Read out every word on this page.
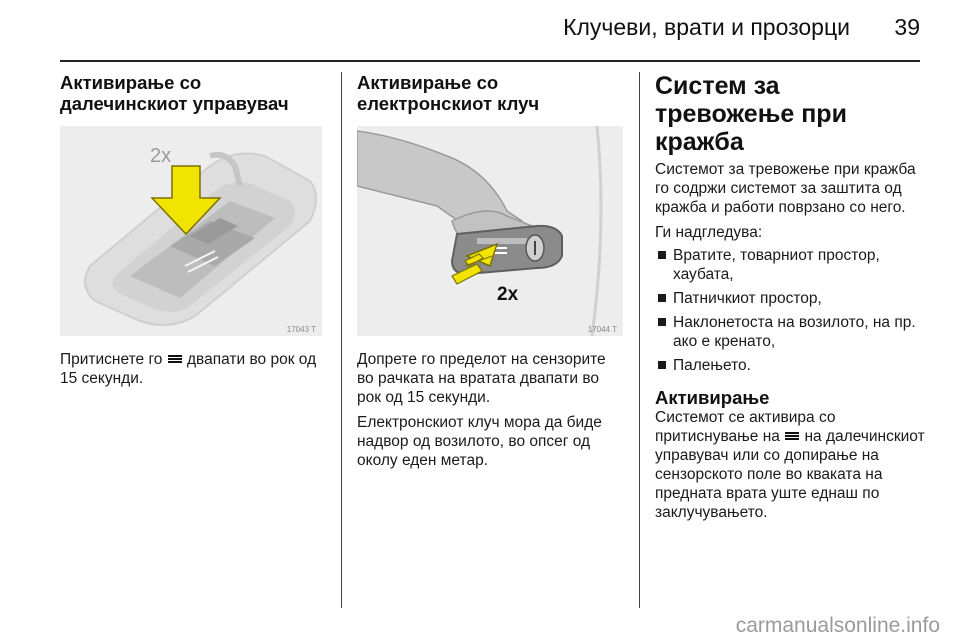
Клучеви, врати и прозорци 39
Активирање со далечинскиот управувач
2x
17043 T

Притиснете го двапати во рок од 15 секунди.

Активирање со електронскиот клуч
2x
17044 T

Допрете го пределот на сензорите во рачката на вратата двапати во рок од 15 секунди.

Електронскиот клуч мора да биде надвор од возилото, во опсег од околу еден метар.

Систем за тревожење при кражба

Системот за тревожење при кражба го содржи системот за заштита од кражба и работи поврзано со него.

Ги надгледува:

Вратите, товарниот простор, хаубата,
Патничкиот простор,
Наклонетоста на возилото, на пр. ако е кренато,
Палењето.
Активирање

Системот се активира со притиснување на на далечинскиот управувач или со допирање на сензорското поле во кваката на предната врата уште еднаш по заклучувањето.

carmanualsonline.info
